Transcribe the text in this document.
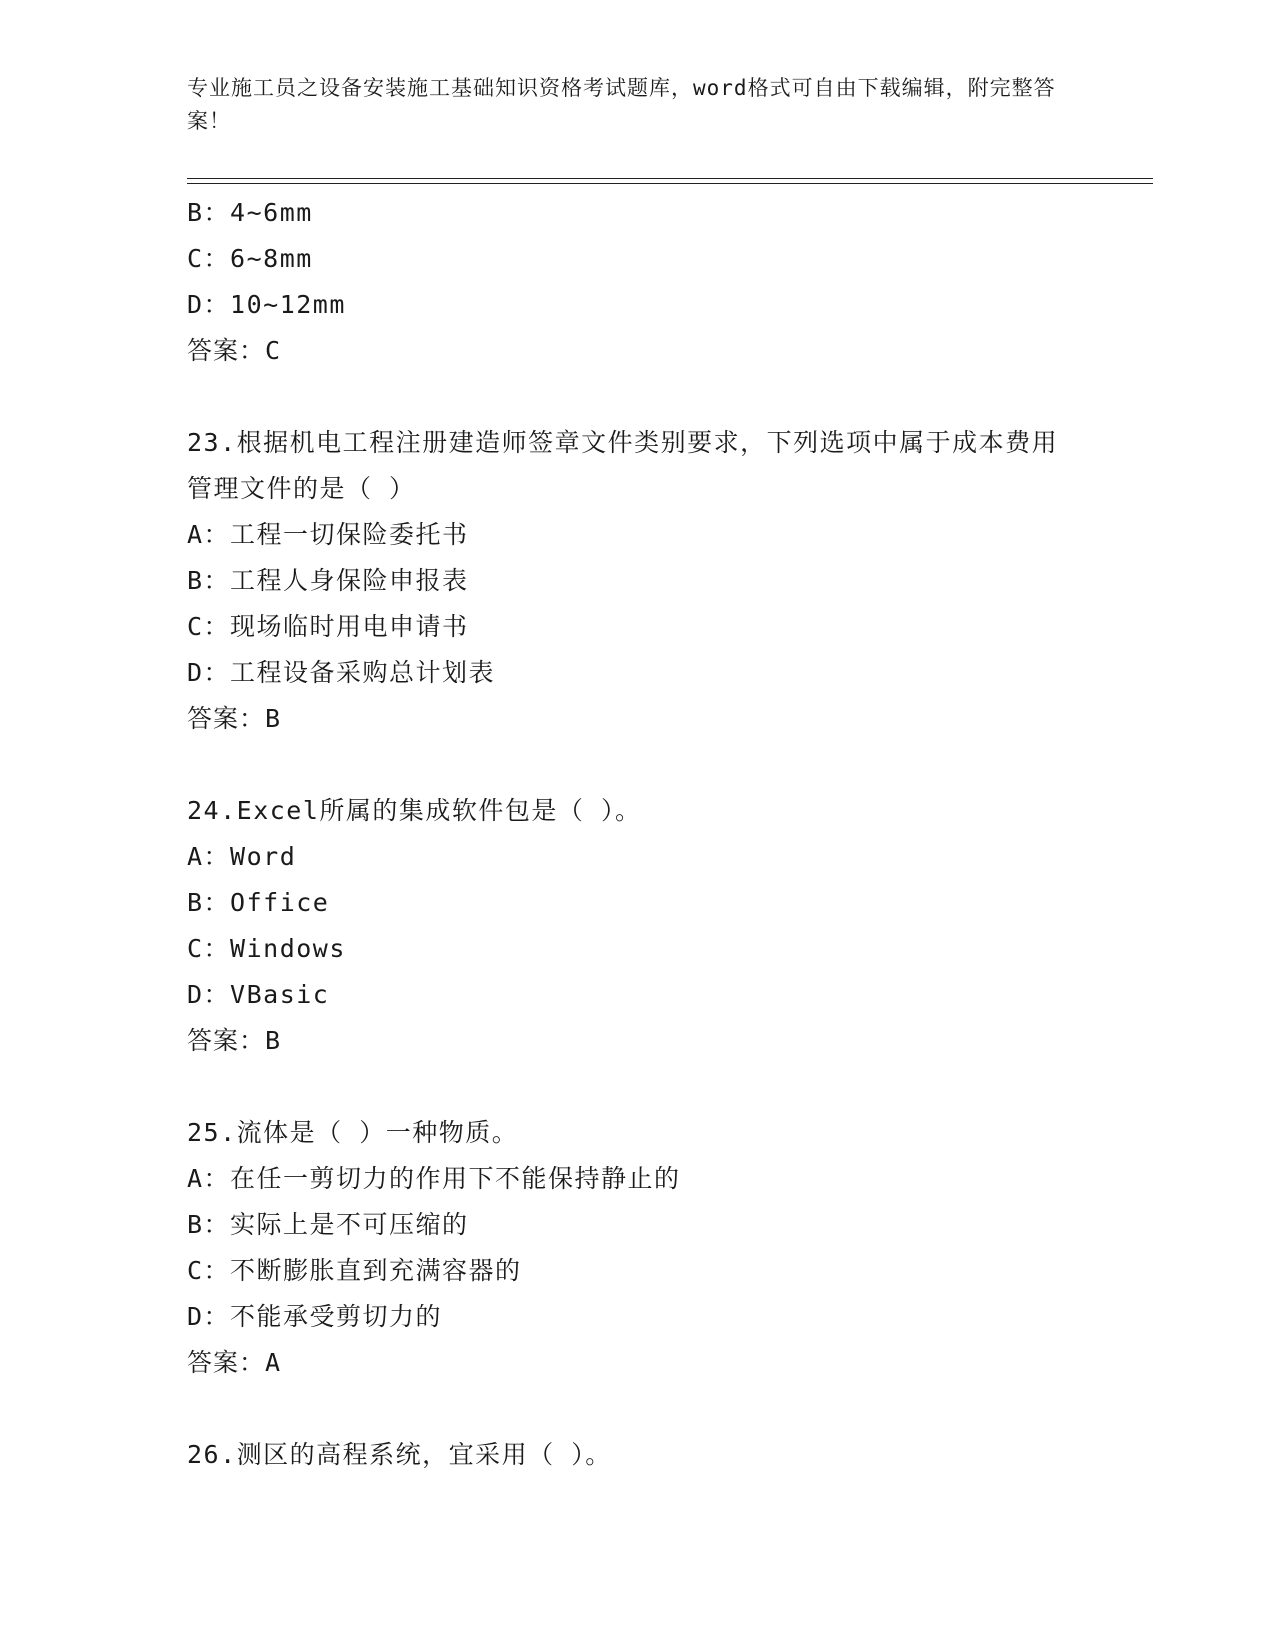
专业施工员之设备安装施工基础知识资格考试题库，word格式可自由下载编辑，附完整答案！
B：4~6mm
C：6~8mm
D：10~12mm
答案：C
23.根据机电工程注册建造师签章文件类别要求，下列选项中属于成本费用管理文件的是（ ）
A：工程一切保险委托书
B：工程人身保险申报表
C：现场临时用电申请书
D：工程设备采购总计划表
答案：B
24.Excel所属的集成软件包是（ ）。
A：Word
B：Office
C：Windows
D：VBasic
答案：B
25.流体是（ ）一种物质。
A：在任一剪切力的作用下不能保持静止的
B：实际上是不可压缩的
C：不断膨胀直到充满容器的
D：不能承受剪切力的
答案：A
26.测区的高程系统，宜采用（ ）。
